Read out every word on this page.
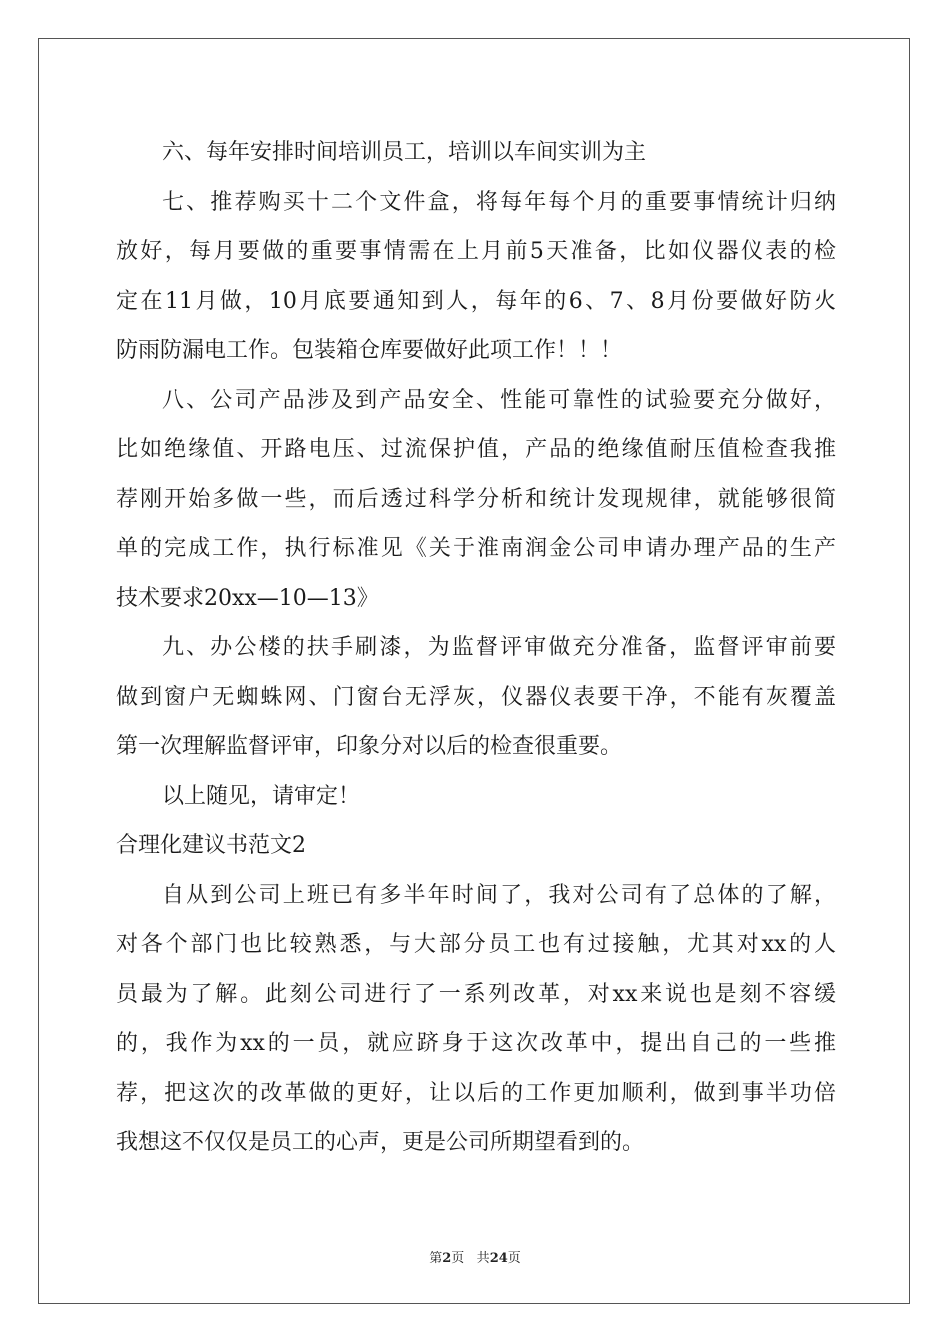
六、每年安排时间培训员工，培训以车间实训为主
七、推荐购买十二个文件盒，将每年每个月的重要事情统计归纳
放好，每月要做的重要事情需在上月前5天准备，比如仪器仪表的检
定在11月做，10月底要通知到人，每年的6、7、8月份要做好防火
防雨防漏电工作。包装箱仓库要做好此项工作！！！
八、公司产品涉及到产品安全、性能可靠性的试验要充分做好，
比如绝缘值、开路电压、过流保护值，产品的绝缘值耐压值检查我推
荐刚开始多做一些，而后透过科学分析和统计发现规律，就能够很简
单的完成工作，执行标准见《关于淮南润金公司申请办理产品的生产
技术要求20xx—10—13》
九、办公楼的扶手刷漆，为监督评审做充分准备，监督评审前要
做到窗户无蜘蛛网、门窗台无浮灰，仪器仪表要干净，不能有灰覆盖
第一次理解监督评审，印象分对以后的检查很重要。
以上随见，请审定！
合理化建议书范文2
自从到公司上班已有多半年时间了，我对公司有了总体的了解，
对各个部门也比较熟悉，与大部分员工也有过接触，尤其对xx的人
员最为了解。此刻公司进行了一系列改革，对xx来说也是刻不容缓
的，我作为xx的一员，就应跻身于这次改革中，提出自己的一些推
荐，把这次的改革做的更好，让以后的工作更加顺利，做到事半功倍
我想这不仅仅是员工的心声，更是公司所期望看到的。
第2页 共24页
